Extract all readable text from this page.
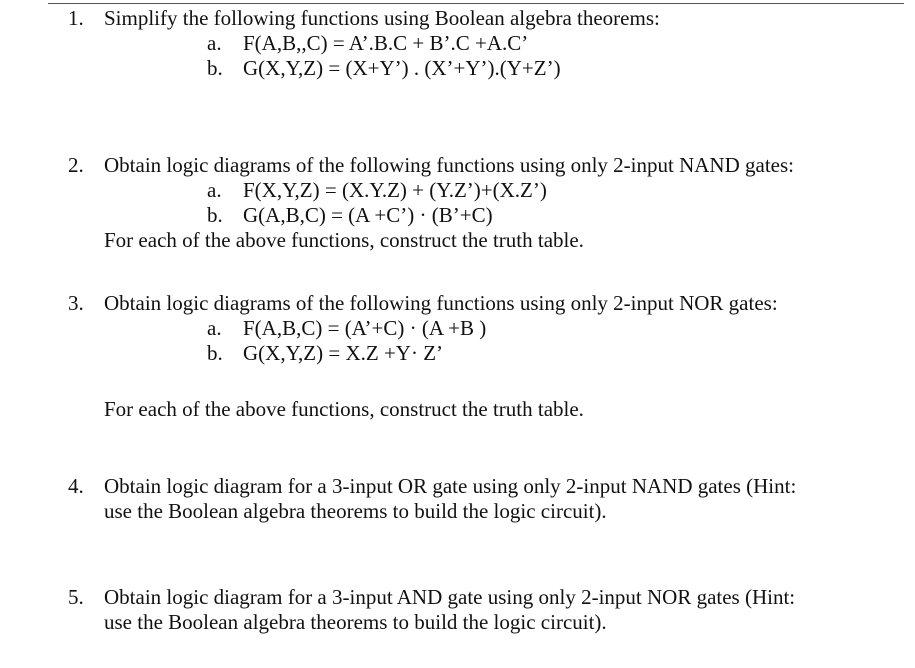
1. Simplify the following functions using Boolean algebra theorems:
a. F(A,B,,C) = A’.B.C + B’.C +A.C’
b. G(X,Y,Z) = (X+Y’) . (X’+Y’).(Y+Z’)
2. Obtain logic diagrams of the following functions using only 2-input NAND gates:
a. F(X,Y,Z) = (X.Y.Z) + (Y.Z’)+(X.Z’)
b. G(A,B,C) = (A +C’) · (B’+C)
For each of the above functions, construct the truth table.
3. Obtain logic diagrams of the following functions using only 2-input NOR gates:
a. F(A,B,C) = (A’+C) · (A +B )
b. G(X,Y,Z) = X.Z +Y· Z’
For each of the above functions, construct the truth table.
4. Obtain logic diagram for a 3-input OR gate using only 2-input NAND gates (Hint:
use the Boolean algebra theorems to build the logic circuit).
5. Obtain logic diagram for a 3-input AND gate using only 2-input NOR gates (Hint:
use the Boolean algebra theorems to build the logic circuit).
